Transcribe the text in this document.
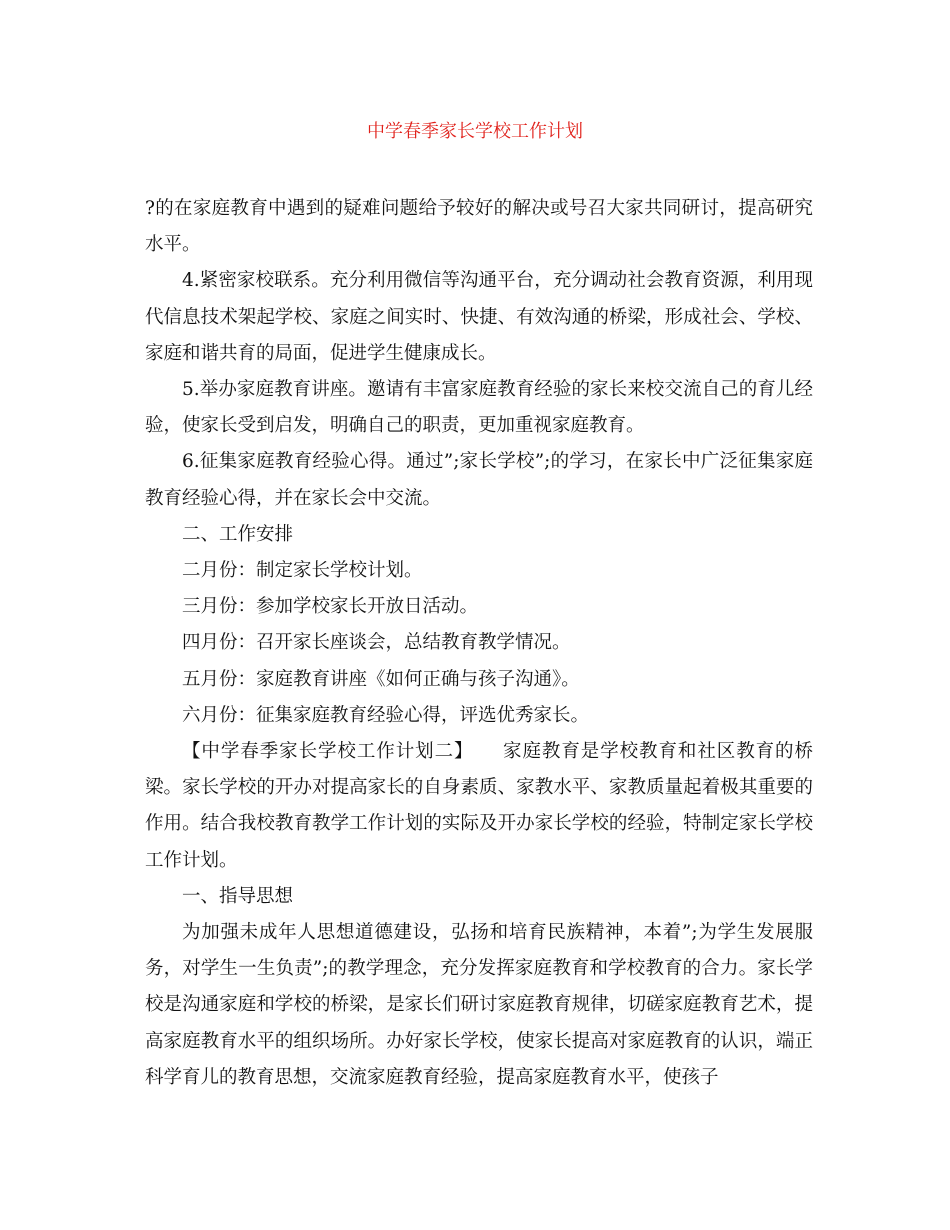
中学春季家长学校工作计划

?的在家庭教育中遇到的疑难问题给予较好的解决或号召大家共同研讨，提高研究水平。

4.紧密家校联系。充分利用微信等沟通平台，充分调动社会教育资源，利用现代信息技术架起学校、家庭之间实时、快捷、有效沟通的桥梁，形成社会、学校、家庭和谐共育的局面，促进学生健康成长。

5.举办家庭教育讲座。邀请有丰富家庭教育经验的家长来校交流自己的育儿经验，使家长受到启发，明确自己的职责，更加重视家庭教育。

6.征集家庭教育经验心得。通过”;家长学校”;的学习，在家长中广泛征集家庭教育经验心得，并在家长会中交流。

二、工作安排

二月份：制定家长学校计划。

三月份：参加学校家长开放日活动。

四月份：召开家长座谈会，总结教育教学情况。

五月份：家庭教育讲座《如何正确与孩子沟通》。

六月份：征集家庭教育经验心得，评选优秀家长。

【中学春季家长学校工作计划二】　　家庭教育是学校教育和社区教育的桥梁。家长学校的开办对提高家长的自身素质、家教水平、家教质量起着极其重要的作用。结合我校教育教学工作计划的实际及开办家长学校的经验，特制定家长学校工作计划。

一、指导思想

为加强未成年人思想道德建设，弘扬和培育民族精神，本着”;为学生发展服务，对学生一生负责”;的教学理念，充分发挥家庭教育和学校教育的合力。家长学校是沟通家庭和学校的桥梁，是家长们研讨家庭教育规律，切磋家庭教育艺术，提高家庭教育水平的组织场所。办好家长学校，使家长提高对家庭教育的认识，端正科学育儿的教育思想，交流家庭教育经验，提高家庭教育水平，使孩子
